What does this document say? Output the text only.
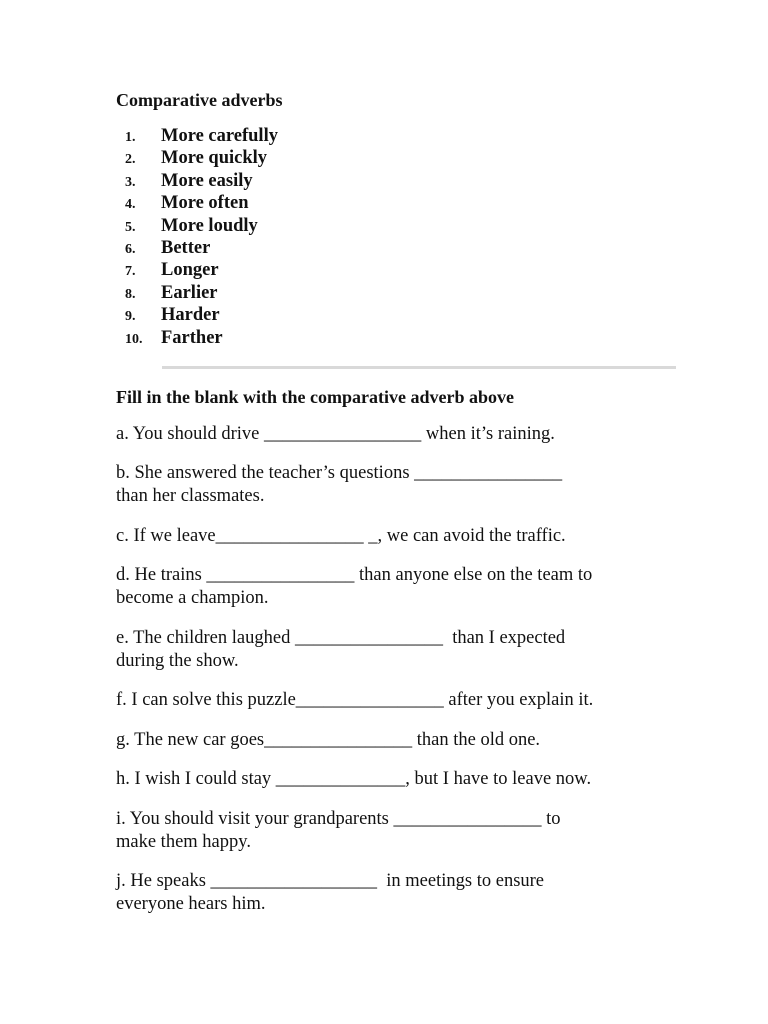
Comparative adverbs
1.	More carefully
2.	More quickly
3.	More easily
4.	More often
5.	More loudly
6.	Better
7.	Longer
8.	Earlier
9.	Harder
10.	Farther
Fill in the blank with the comparative adverb above
a. You should drive _________________ when it’s raining.
b. She answered the teacher’s questions ________________
than her classmates.
c. If we leave________________ _, we can avoid the traffic.
d. He trains ________________ than anyone else on the team to
become a champion.
e. The children laughed ________________  than I expected
during the show.
f. I can solve this puzzle________________ after you explain it.
g. The new car goes________________ than the old one.
h. I wish I could stay ______________, but I have to leave now.
i. You should visit your grandparents ________________ to
make them happy.
j. He speaks __________________  in meetings to ensure
everyone hears him.
